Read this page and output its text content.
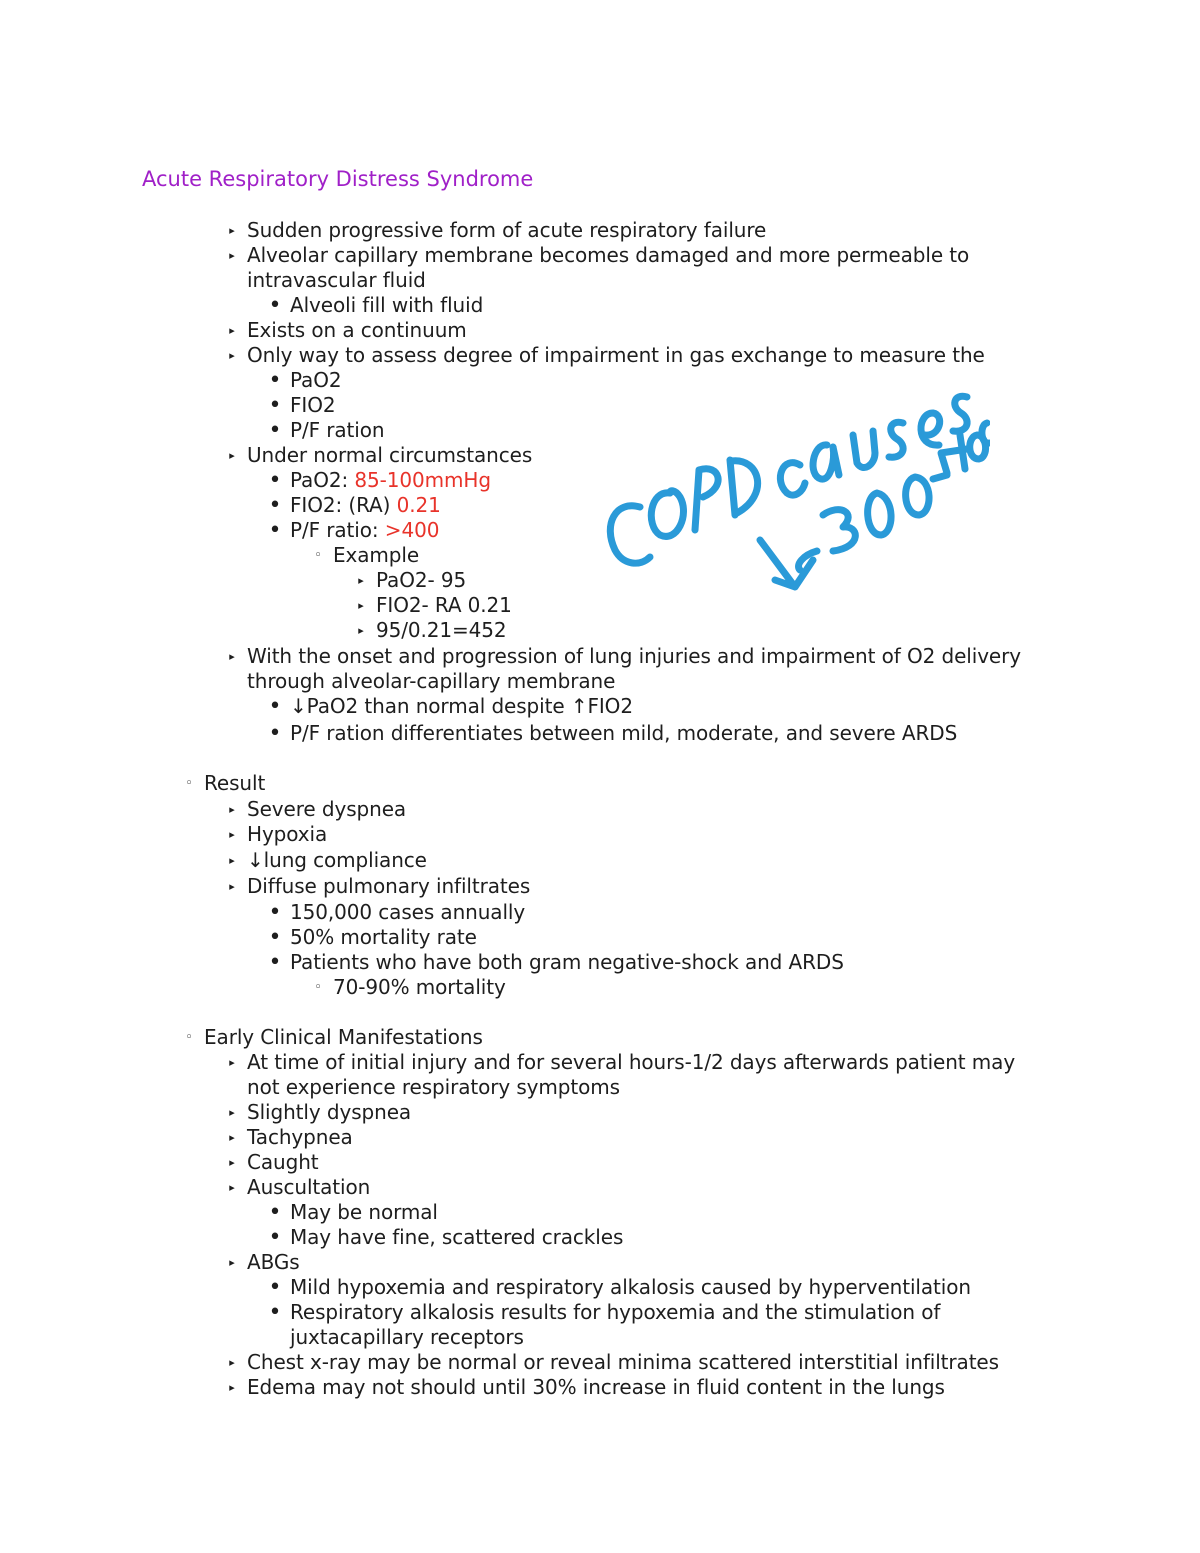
Acute Respiratory Distress Syndrome
▸ Sudden progressive form of acute respiratory failure
▸ Alveolar capillary membrane becomes damaged and more permeable to
intravascular fluid
• Alveoli fill with fluid
▸ Exists on a continuum
▸ Only way to assess degree of impairment in gas exchange to measure the
• PaO2
• FIO2
• P/F ration
▸ Under normal circumstances
• PaO2: 85-100mmHg
• FIO2: (RA) 0.21
• P/F ratio: >400
◦ Example
▸ PaO2- 95
▸ FIO2- RA 0.21
▸ 95/0.21=452
▸ With the onset and progression of lung injuries and impairment of O2 delivery
through alveolar-capillary membrane
• ↓PaO2 than normal despite ↑FIO2
• P/F ration differentiates between mild, moderate, and severe ARDS
◦ Result
▸ Severe dyspnea
▸ Hypoxia
▸ ↓lung compliance
▸ Diffuse pulmonary infiltrates
• 150,000 cases annually
• 50% mortality rate
• Patients who have both gram negative-shock and ARDS
◦ 70-90% mortality
◦ Early Clinical Manifestations
▸ At time of initial injury and for several hours-1/2 days afterwards patient may
not experience respiratory symptoms
▸ Slightly dyspnea
▸ Tachypnea
▸ Caught
▸ Auscultation
• May be normal
• May have fine, scattered crackles
▸ ABGs
• Mild hypoxemia and respiratory alkalosis caused by hyperventilation
• Respiratory alkalosis results for hypoxemia and the stimulation of
juxtacapillary receptors
▸ Chest x-ray may be normal or reveal minima scattered interstitial infiltrates
▸ Edema may not should until 30% increase in fluid content in the lungs
